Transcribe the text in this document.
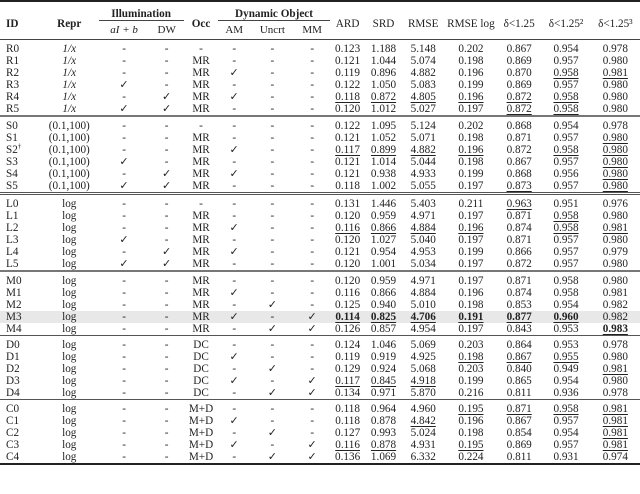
ID	Repr	Illumination		Occ	Dynamic Object			ARD	SRD	RMSE	RMSE log	δ<1.25	δ<1.25²	δ<1.25³
		aI + b	DW		AM	Uncrt	MM							

R0	1/x	-	-	-	-	-	-	0.123	1.188	5.148	0.202	0.867	0.954	0.978
R1	1/x	-	-	MR	-	-	-	0.121	1.044	5.074	0.198	0.869	0.957	0.980
R2	1/x	-	-	MR	✓	-	-	0.119	0.896	4.882	0.196	0.870	0.958	0.981
R3	1/x	✓	-	MR	-	-	-	0.122	1.050	5.083	0.199	0.869	0.957	0.980
R4	1/x	-	✓	MR	✓	-	-	0.118	0.872	4.805	0.196	0.872	0.958	0.980
R5	1/x	✓	✓	MR	-	-	-	0.120	1.012	5.027	0.197	0.872	0.958	0.980
S0	(0.1,100)	-	-	-	-	-	-	0.122	1.095	5.124	0.202	0.868	0.954	0.978
S1	(0.1,100)	-	-	MR	-	-	-	0.121	1.052	5.071	0.198	0.871	0.957	0.980
S2†	(0.1,100)	-	-	MR	✓	-	-	0.117	0.899	4.882	0.196	0.872	0.958	0.980
S3	(0.1,100)	✓	-	MR	-	-	-	0.121	1.014	5.044	0.198	0.867	0.957	0.980
S4	(0.1,100)	-	✓	MR	✓	-	-	0.121	0.938	4.933	0.199	0.868	0.956	0.980
S5	(0.1,100)	✓	✓	MR	-	-	-	0.118	1.002	5.055	0.197	0.873	0.957	0.980
L0	log	-	-	-	-	-	-	0.131	1.446	5.403	0.211	0.963	0.951	0.976
L1	log	-	-	MR	-	-	-	0.120	0.959	4.971	0.197	0.871	0.958	0.980
L2	log	-	-	MR	✓	-	-	0.116	0.866	4.884	0.196	0.874	0.958	0.981
L3	log	✓	-	MR	-	-	-	0.120	1.027	5.040	0.197	0.871	0.957	0.980
L4	log	-	✓	MR	✓	-	-	0.121	0.954	4.953	0.199	0.866	0.957	0.979
L5	log	✓	✓	MR	-	-	-	0.120	1.001	5.034	0.197	0.872	0.957	0.980
M0	log	-	-	MR	-	-	-	0.120	0.959	4.971	0.197	0.871	0.958	0.980
M1	log	-	-	MR	✓	-	-	0.116	0.866	4.884	0.196	0.874	0.958	0.981
M2	log	-	-	MR	-	✓	-	0.125	0.940	5.010	0.198	0.853	0.954	0.982
M3	log	-	-	MR	✓	-	✓	0.114	0.825	4.706	0.191	0.877	0.960	0.982
M4	log	-	-	MR	-	✓	✓	0.126	0.857	4.954	0.197	0.843	0.953	0.983
D0	log	-	-	DC	-	-	-	0.124	1.046	5.069	0.203	0.864	0.953	0.978
D1	log	-	-	DC	✓	-	-	0.119	0.919	4.925	0.198	0.867	0.955	0.980
D2	log	-	-	DC	-	✓	-	0.129	0.924	5.068	0.203	0.840	0.949	0.981
D3	log	-	-	DC	✓	-	✓	0.117	0.845	4.918	0.199	0.865	0.954	0.980
D4	log	-	-	DC	-	✓	✓	0.134	0.971	5.870	0.216	0.811	0.936	0.978
C0	log	-	-	M+D	-	-	-	0.118	0.964	4.960	0.195	0.871	0.958	0.981
C1	log	-	-	M+D	✓	-	-	0.118	0.878	4.842	0.196	0.867	0.957	0.981
C2	log	-	-	M+D	-	✓	-	0.127	0.993	5.024	0.198	0.854	0.954	0.981
C3	log	-	-	M+D	✓	-	✓	0.116	0.878	4.931	0.195	0.869	0.957	0.981
C4	log	-	-	M+D	-	✓	✓	0.136	1.069	6.332	0.224	0.811	0.931	0.974
